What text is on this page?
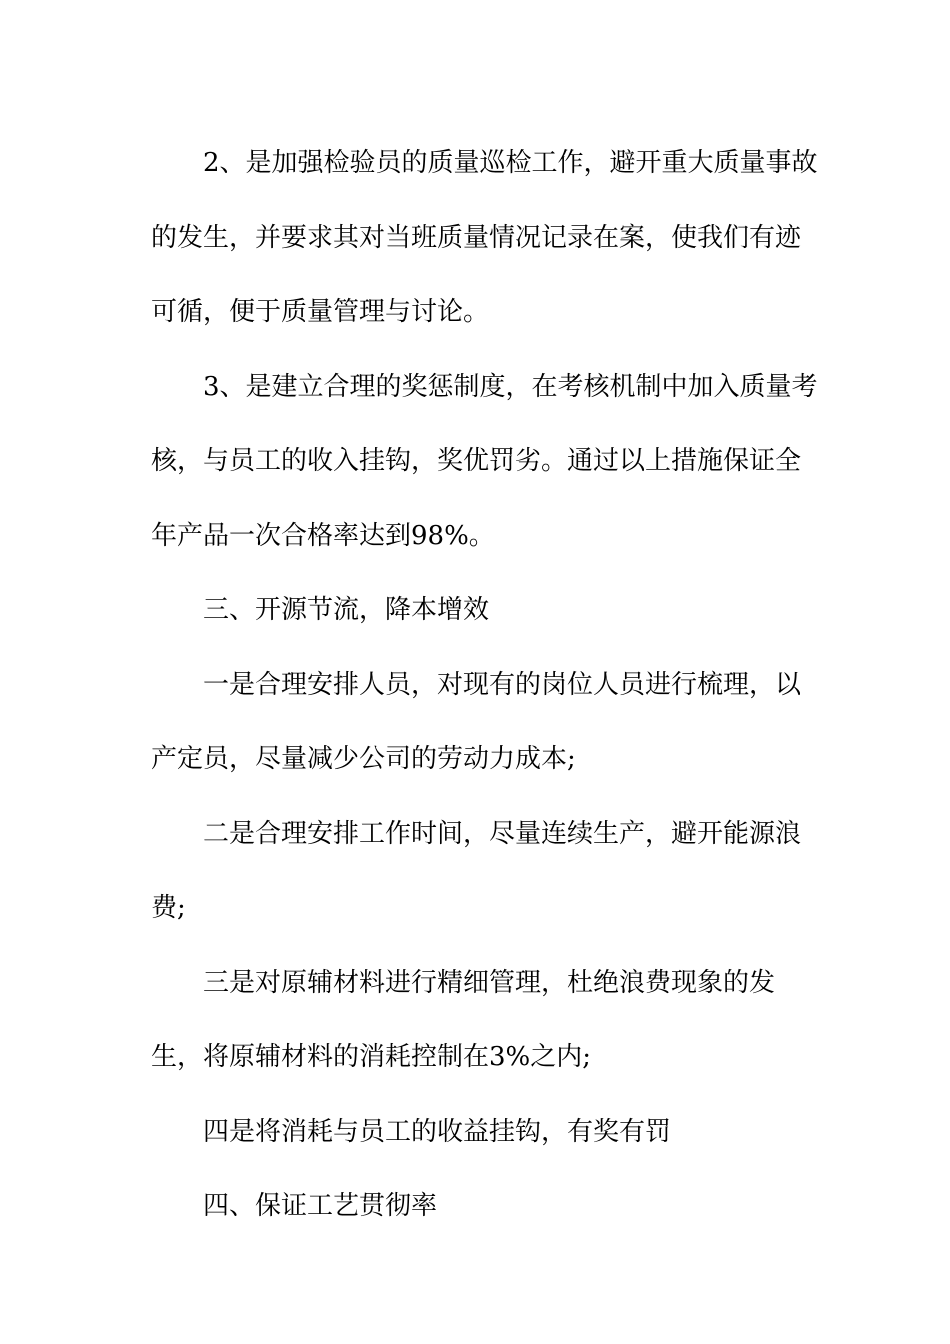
2、是加强检验员的质量巡检工作，避开重大质量事故
的发生，并要求其对当班质量情况记录在案，使我们有迹
可循，便于质量管理与讨论。

3、是建立合理的奖惩制度，在考核机制中加入质量考
核，与员工的收入挂钩，奖优罚劣。通过以上措施保证全
年产品一次合格率达到98%。

三、开源节流，降本增效

一是合理安排人员，对现有的岗位人员进行梳理，以
产定员，尽量减少公司的劳动力成本;

二是合理安排工作时间，尽量连续生产，避开能源浪
费;

三是对原辅材料进行精细管理，杜绝浪费现象的发
生，将原辅材料的消耗控制在3%之内;

四是将消耗与员工的收益挂钩，有奖有罚

四、保证工艺贯彻率
